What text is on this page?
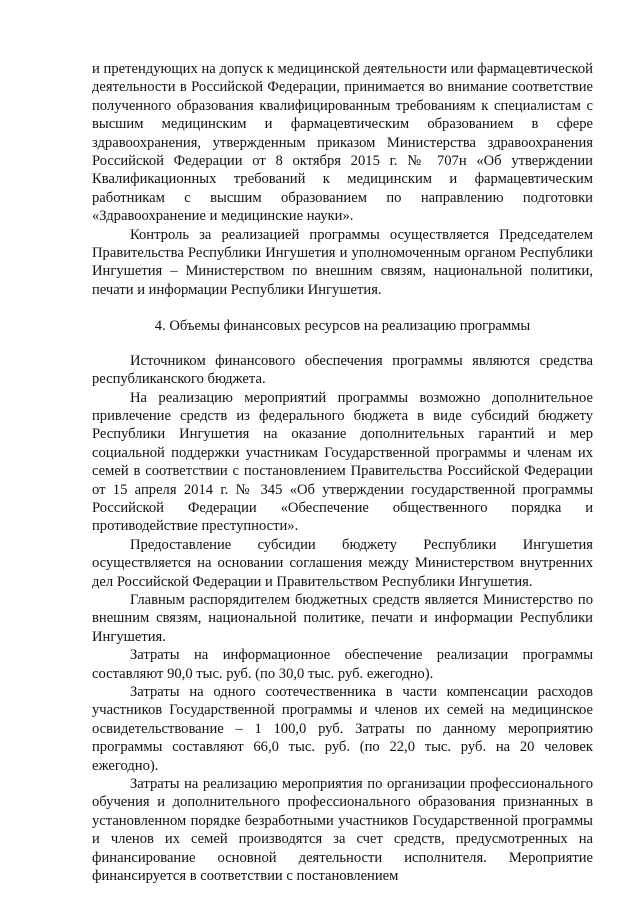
и претендующих на допуск к медицинской деятельности или фармацевтической деятельности в Российской Федерации, принимается во внимание соответствие полученного образования квалифицированным требованиям к специалистам с высшим медицинским и фармацевтическим образованием в сфере здравоохранения, утвержденным приказом Министерства здравоохранения Российской Федерации от 8 октября 2015 г. № 707н «Об утверждении Квалификационных требований к медицинским и фармацевтическим работникам с высшим образованием по направлению подготовки «Здравоохранение и медицинские науки».

Контроль за реализацией программы осуществляется Председателем Правительства Республики Ингушетия и уполномоченным органом Республики Ингушетия – Министерством по внешним связям, национальной политики, печати и информации Республики Ингушетия.

4. Объемы финансовых ресурсов на реализацию программы

Источником финансового обеспечения программы являются средства республиканского бюджета.

На реализацию мероприятий программы возможно дополнительное привлечение средств из федерального бюджета в виде субсидий бюджету Республики Ингушетия на оказание дополнительных гарантий и мер социальной поддержки участникам Государственной программы и членам их семей в соответствии с постановлением Правительства Российской Федерации от 15 апреля 2014 г. № 345 «Об утверждении государственной программы Российской Федерации «Обеспечение общественного порядка и противодействие преступности».

Предоставление субсидии бюджету Республики Ингушетия осуществляется на основании соглашения между Министерством внутренних дел Российской Федерации и Правительством Республики Ингушетия.

Главным распорядителем бюджетных средств является Министерство по внешним связям, национальной политике, печати и информации Республики Ингушетия.

Затраты на информационное обеспечение реализации программы составляют 90,0 тыс. руб. (по 30,0 тыс. руб. ежегодно).

Затраты на одного соотечественника в части компенсации расходов участников Государственной программы и членов их семей на медицинское освидетельствование – 1 100,0 руб. Затраты по данному мероприятию программы составляют 66,0 тыс. руб. (по 22,0 тыс. руб. на 20 человек ежегодно).

Затраты на реализацию мероприятия по организации профессионального обучения и дополнительного профессионального образования признанных в установленном порядке безработными участников Государственной программы и членов их семей производятся за счет средств, предусмотренных на финансирование основной деятельности исполнителя. Мероприятие финансируется в соответствии с постановлением
